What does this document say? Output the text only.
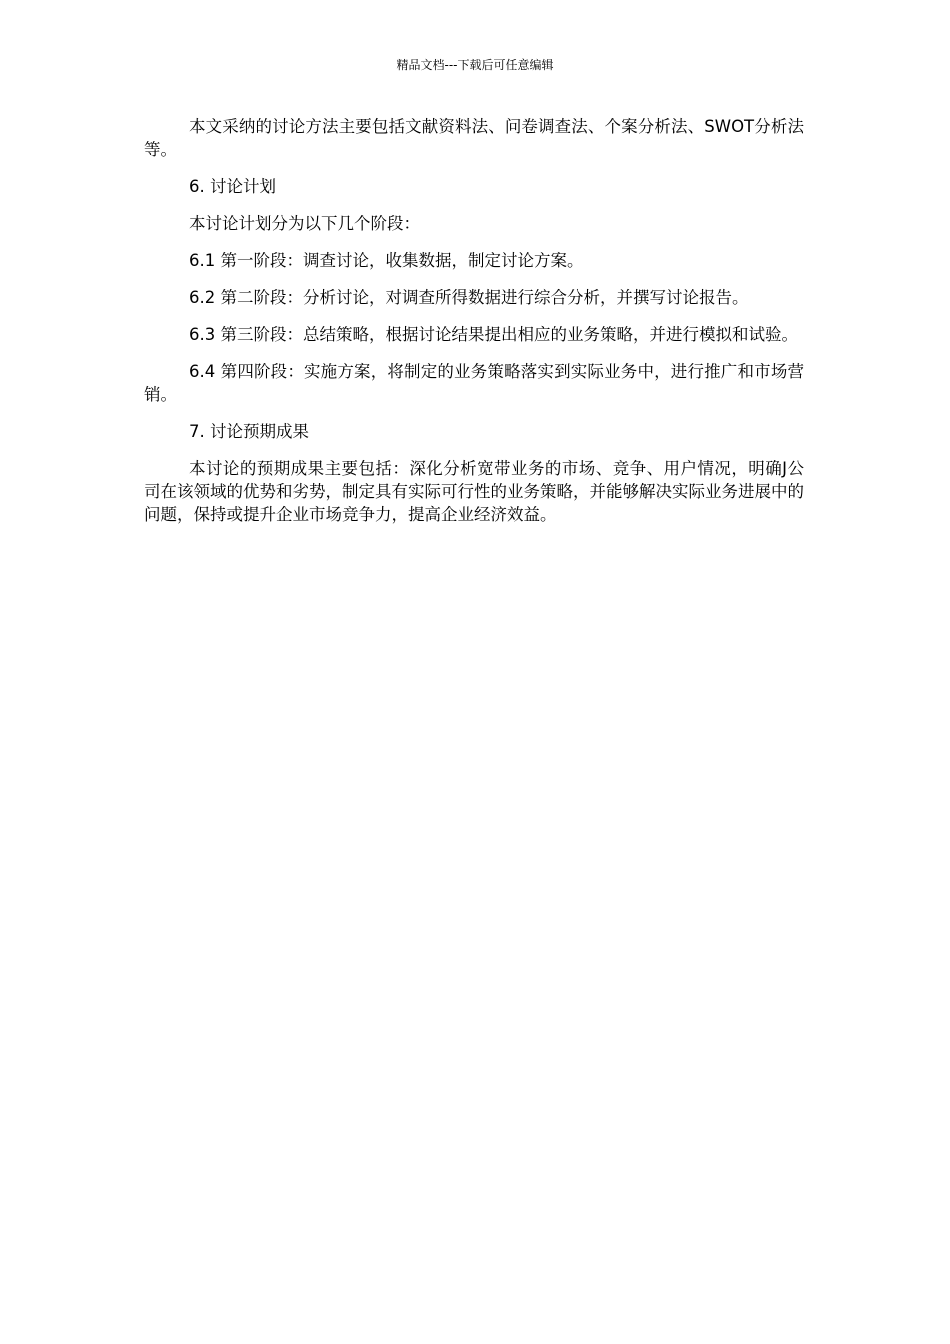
精品文档---下载后可任意编辑

本文采纳的讨论方法主要包括文献资料法、问卷调查法、个案分析法、SWOT分析法等。

6. 讨论计划

本讨论计划分为以下几个阶段：

6.1 第一阶段：调查讨论，收集数据，制定讨论方案。

6.2 第二阶段：分析讨论，对调查所得数据进行综合分析，并撰写讨论报告。

6.3 第三阶段：总结策略，根据讨论结果提出相应的业务策略，并进行模拟和试验。

6.4 第四阶段：实施方案，将制定的业务策略落实到实际业务中，进行推广和市场营销。

7. 讨论预期成果

本讨论的预期成果主要包括：深化分析宽带业务的市场、竞争、用户情况，明确J公司在该领域的优势和劣势，制定具有实际可行性的业务策略，并能够解决实际业务进展中的问题，保持或提升企业市场竞争力，提高企业经济效益。
